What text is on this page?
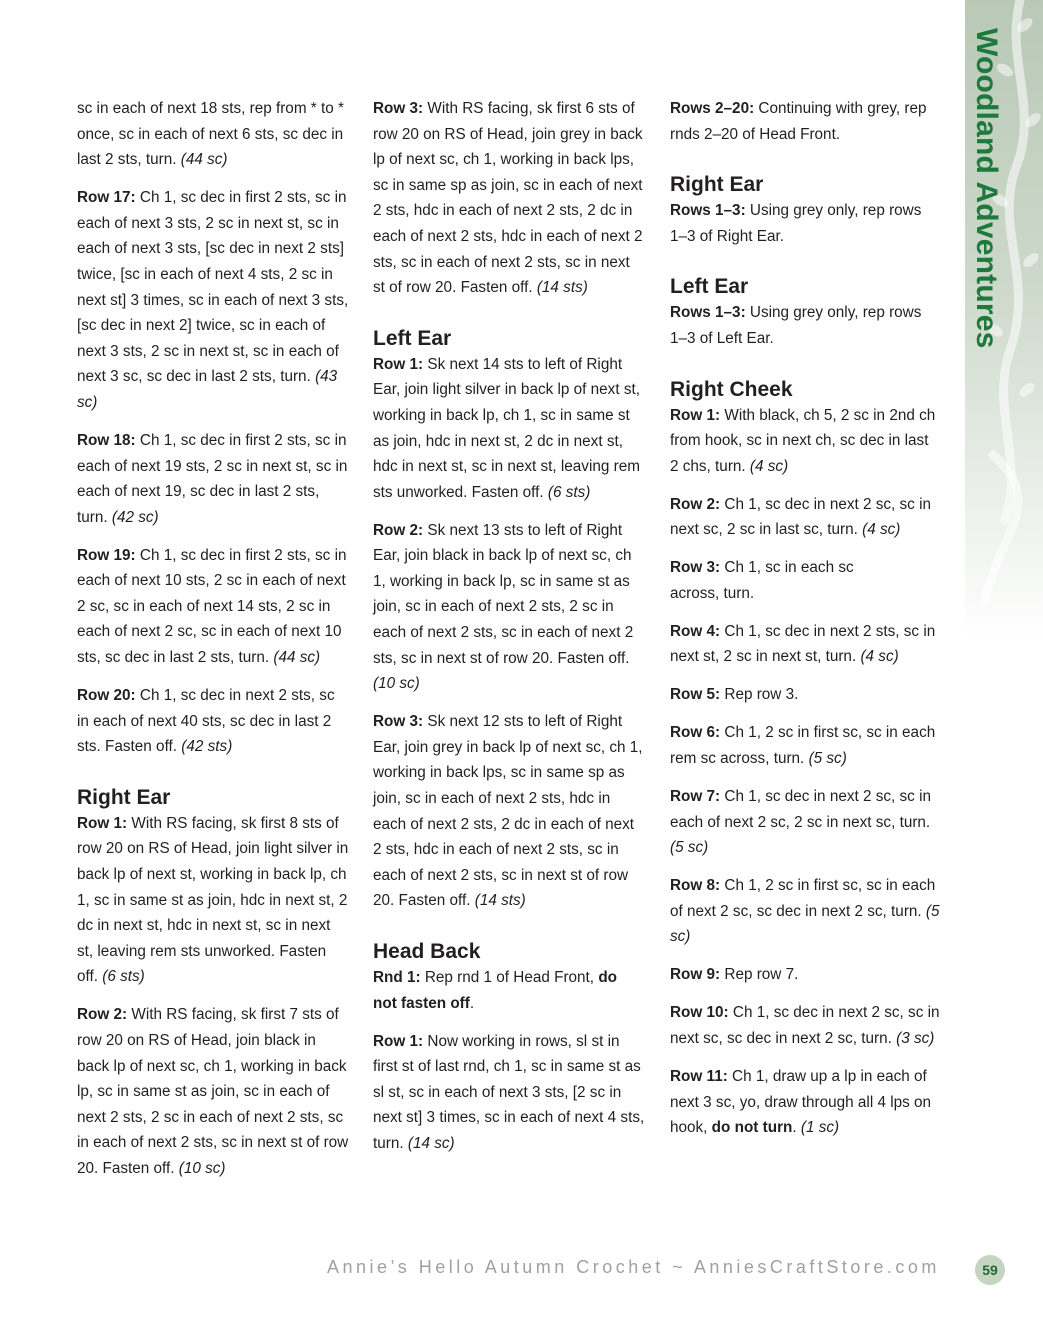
Woodland Adventures

sc in each of next 18 sts, rep from * to * once, sc in each of next 6 sts, sc dec in last 2 sts, turn. (44 sc)

Row 17: Ch 1, sc dec in first 2 sts, sc in each of next 3 sts, 2 sc in next st, sc in each of next 3 sts, [sc dec in next 2 sts] twice, [sc in each of next 4 sts, 2 sc in next st] 3 times, sc in each of next 3 sts, [sc dec in next 2] twice, sc in each of next 3 sts, 2 sc in next st, sc in each of next 3 sc, sc dec in last 2 sts, turn. (43 sc)

Row 18: Ch 1, sc dec in first 2 sts, sc in each of next 19 sts, 2 sc in next st, sc in each of next 19, sc dec in last 2 sts, turn. (42 sc)

Row 19: Ch 1, sc dec in first 2 sts, sc in each of next 10 sts, 2 sc in each of next 2 sc, sc in each of next 14 sts, 2 sc in each of next 2 sc, sc in each of next 10 sts, sc dec in last 2 sts, turn. (44 sc)

Row 20: Ch 1, sc dec in next 2 sts, sc in each of next 40 sts, sc dec in last 2 sts. Fasten off. (42 sts)

Right Ear

Row 1: With RS facing, sk first 8 sts of row 20 on RS of Head, join light silver in back lp of next st, working in back lp, ch 1, sc in same st as join, hdc in next st, 2 dc in next st, hdc in next st, sc in next st, leaving rem sts unworked. Fasten off. (6 sts)

Row 2: With RS facing, sk first 7 sts of row 20 on RS of Head, join black in back lp of next sc, ch 1, working in back lp, sc in same st as join, sc in each of next 2 sts, 2 sc in each of next 2 sts, sc in each of next 2 sts, sc in next st of row 20. Fasten off. (10 sc)

Row 3: With RS facing, sk first 6 sts of row 20 on RS of Head, join grey in back lp of next sc, ch 1, working in back lps, sc in same sp as join, sc in each of next 2 sts, hdc in each of next 2 sts, 2 dc in each of next 2 sts, hdc in each of next 2 sts, sc in each of next 2 sts, sc in next st of row 20. Fasten off. (14 sts)

Left Ear

Row 1: Sk next 14 sts to left of Right Ear, join light silver in back lp of next st, working in back lp, ch 1, sc in same st as join, hdc in next st, 2 dc in next st, hdc in next st, sc in next st, leaving rem sts unworked. Fasten off. (6 sts)

Row 2: Sk next 13 sts to left of Right Ear, join black in back lp of next sc, ch 1, working in back lp, sc in same st as join, sc in each of next 2 sts, 2 sc in each of next 2 sts, sc in each of next 2 sts, sc in next st of row 20. Fasten off. (10 sc)

Row 3: Sk next 12 sts to left of Right Ear, join grey in back lp of next sc, ch 1, working in back lps, sc in same sp as join, sc in each of next 2 sts, hdc in each of next 2 sts, 2 dc in each of next 2 sts, hdc in each of next 2 sts, sc in each of next 2 sts, sc in next st of row 20. Fasten off. (14 sts)

Head Back

Rnd 1: Rep rnd 1 of Head Front, do not fasten off.

Row 1: Now working in rows, sl st in first st of last rnd, ch 1, sc in same st as sl st, sc in each of next 3 sts, [2 sc in next st] 3 times, sc in each of next 4 sts, turn. (14 sc)

Rows 2–20: Continuing with grey, rep rnds 2–20 of Head Front.

Right Ear

Rows 1–3: Using grey only, rep rows 1–3 of Right Ear.

Left Ear

Rows 1–3: Using grey only, rep rows 1–3 of Left Ear.

Right Cheek

Row 1: With black, ch 5, 2 sc in 2nd ch from hook, sc in next ch, sc dec in last 2 chs, turn. (4 sc)

Row 2: Ch 1, sc dec in next 2 sc, sc in next sc, 2 sc in last sc, turn. (4 sc)

Row 3: Ch 1, sc in each sc across, turn.

Row 4: Ch 1, sc dec in next 2 sts, sc in next st, 2 sc in next st, turn. (4 sc)

Row 5: Rep row 3.

Row 6: Ch 1, 2 sc in first sc, sc in each rem sc across, turn. (5 sc)

Row 7: Ch 1, sc dec in next 2 sc, sc in each of next 2 sc, 2 sc in next sc, turn. (5 sc)

Row 8: Ch 1, 2 sc in first sc, sc in each of next 2 sc, sc dec in next 2 sc, turn. (5 sc)

Row 9: Rep row 7.

Row 10: Ch 1, sc dec in next 2 sc, sc in next sc, sc dec in next 2 sc, turn. (3 sc)

Row 11: Ch 1, draw up a lp in each of next 3 sc, yo, draw through all 4 lps on hook, do not turn. (1 sc)

Annie’s Hello Autumn Crochet ~ AnniesCraftStore.com	59
